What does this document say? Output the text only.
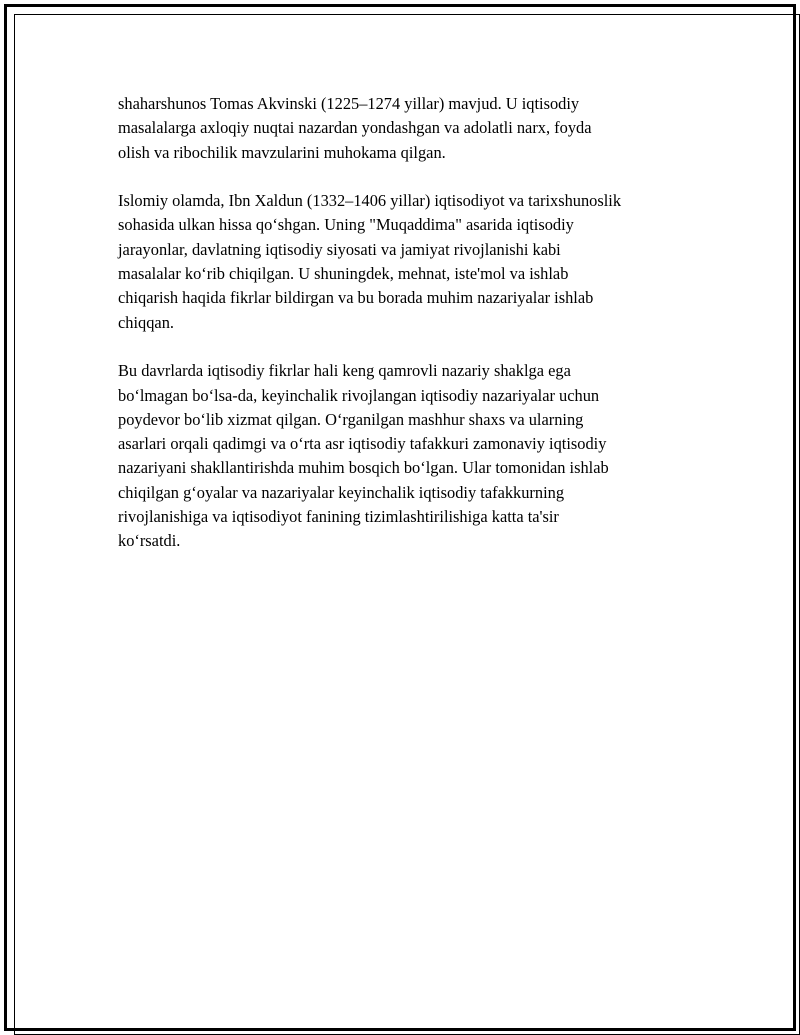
shaharshunos Tomas Akvinski (1225–1274 yillar) mavjud. U iqtisodiy
masalalarga axloqiy nuqtai nazardan yondashgan va adolatli narx, foyda
olish va ribochilik mavzularini muhokama qilgan.

Islomiy olamda, Ibn Xaldun (1332–1406 yillar) iqtisodiyot va tarixshunoslik
sohasida ulkan hissa qo‘shgan. Uning "Muqaddima" asarida iqtisodiy
jarayonlar, davlatning iqtisodiy siyosati va jamiyat rivojlanishi kabi
masalalar ko‘rib chiqilgan. U shuningdek, mehnat, iste'mol va ishlab
chiqarish haqida fikrlar bildirgan va bu borada muhim nazariyalar ishlab
chiqqan.

Bu davrlarda iqtisodiy fikrlar hali keng qamrovli nazariy shaklga ega
bo‘lmagan bo‘lsa-da, keyinchalik rivojlangan iqtisodiy nazariyalar uchun
poydevor bo‘lib xizmat qilgan. O‘rganilgan mashhur shaxs va ularning
asarlari orqali qadimgi va o‘rta asr iqtisodiy tafakkuri zamonaviy iqtisodiy
nazariyani shakllantirishda muhim bosqich bo‘lgan. Ular tomonidan ishlab
chiqilgan g‘oyalar va nazariyalar keyinchalik iqtisodiy tafakkurning
rivojlanishiga va iqtisodiyot fanining tizimlashtirilishiga katta ta'sir
ko‘rsatdi.
